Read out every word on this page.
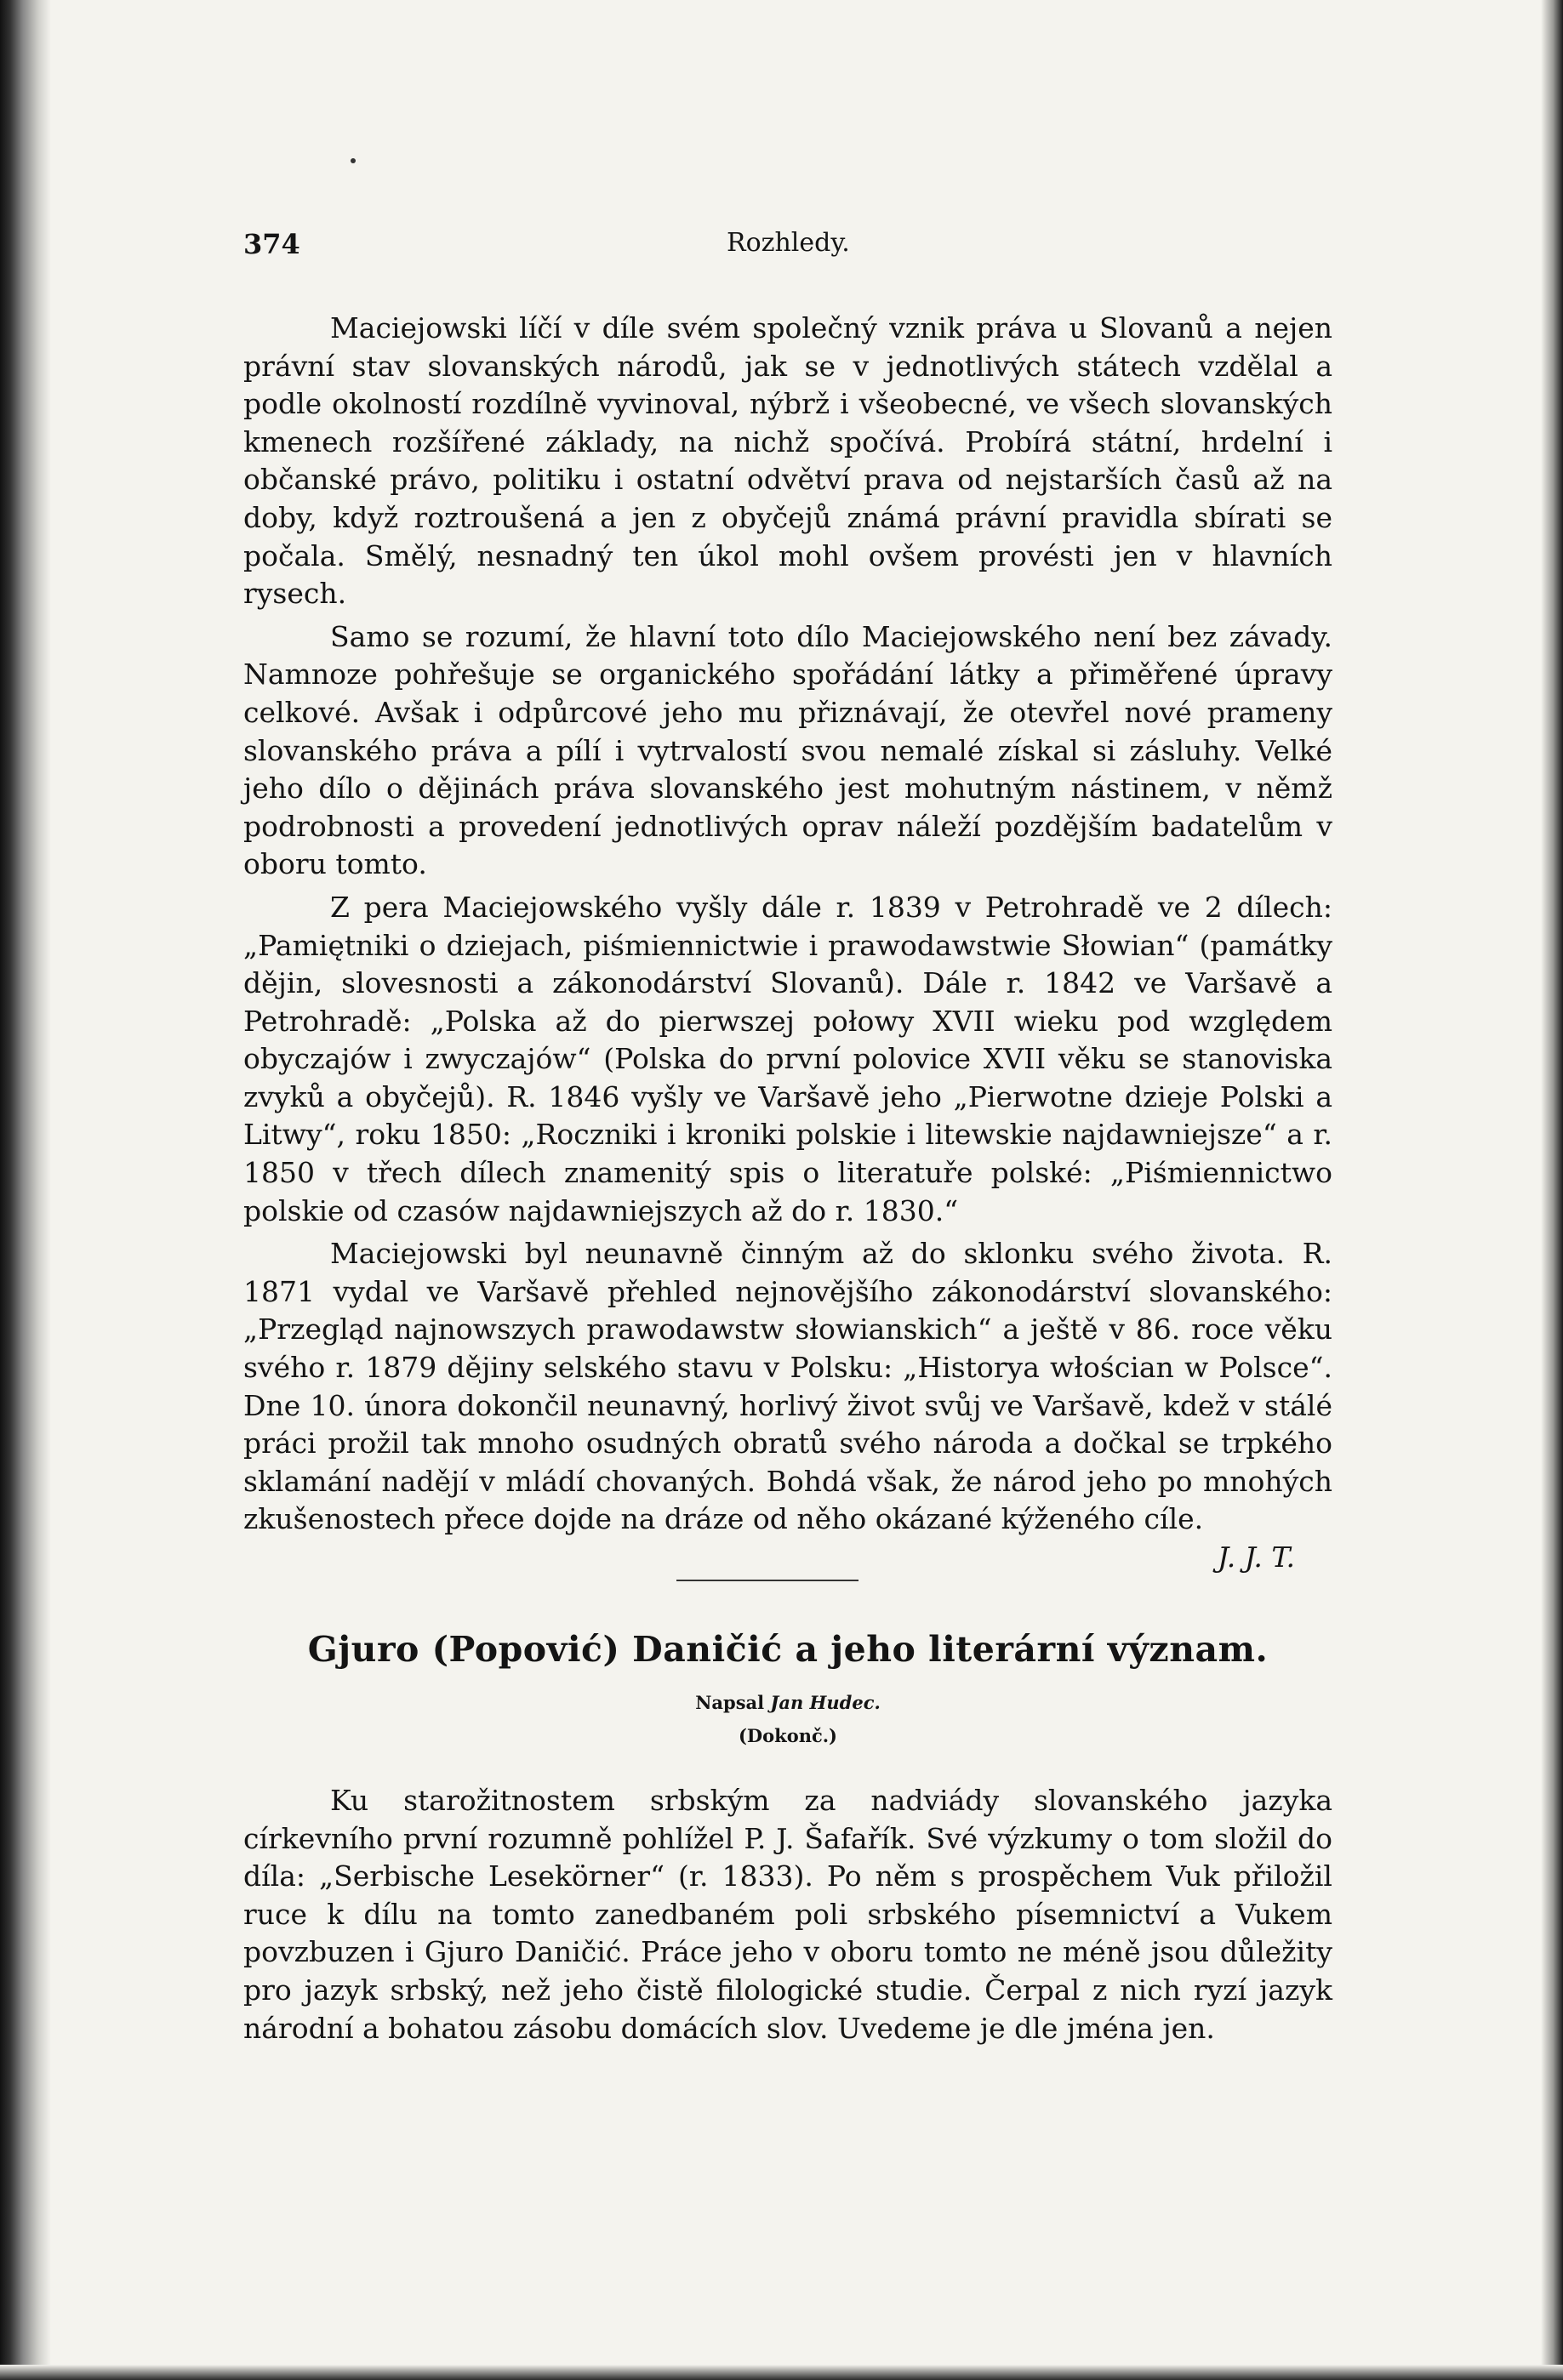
374	Rozhledy.

Maciejowski líčí v díle svém společný vznik práva u Slovanů a nejen právní stav slovanských národů, jak se v jednotlivých státech vzdělal a podle okolností rozdílně vyvinoval, nýbrž i všeobecné, ve všech slovanských kmenech rozšířené základy, na nichž spočívá. Probírá státní, hrdelní i občanské právo, politiku i ostatní odvětví prava od nejstarších časů až na doby, když roztroušená a jen z obyčejů známá právní pravidla sbírati se počala. Smělý, nesnadný ten úkol mohl ovšem provésti jen v hlavních rysech.

Samo se rozumí, že hlavní toto dílo Maciejowského není bez závady. Namnoze pohřešuje se organického spořádání látky a přiměřené úpravy celkové. Avšak i odpůrcové jeho mu přiznávají, že otevřel nové prameny slovanského práva a pílí i vytrvalostí svou nemalé získal si zásluhy. Velké jeho dílo o dějinách práva slovanského jest mohutným nástinem, v němž podrobnosti a provedení jednotlivých oprav náleží pozdějším badatelům v oboru tomto.

Z pera Maciejowského vyšly dále r. 1839 v Petrohradě ve 2 dílech: „Pamiętniki o dziejach, piśmiennictwie i prawodawstwie Słowian“ (památky dějin, slovesnosti a zákonodárství Slovanů). Dále r. 1842 ve Varšavě a Petrohradě: „Polska až do pierwszej połowy XVII wieku pod względem obyczajów i zwyczajów“ (Polska do první polovice XVII věku se stanoviska zvyků a obyčejů). R. 1846 vyšly ve Varšavě jeho „Pierwotne dzieje Polski a Litwy“, roku 1850: „Roczniki i kroniki polskie i litewskie najdawniejsze“ a r. 1850 v třech dílech znamenitý spis o literatuře polské: „Piśmiennictwo polskie od czasów najdawniejszych až do r. 1830.“

Maciejowski byl neunavně činným až do sklonku svého života. R. 1871 vydal ve Varšavě přehled nejnovějšího zákonodárství slovanského: „Przegląd najnowszych prawodawstw słowianskich“ a ještě v 86. roce věku svého r. 1879 dějiny selského stavu v Polsku: „Historya włościan w Polsce“. Dne 10. února dokončil neunavný, horlivý život svůj ve Varšavě, kdež v stálé práci prožil tak mnoho osudných obratů svého národa a dočkal se trpkého sklamání nadějí v mládí chovaných. Bohdá však, že národ jeho po mnohých zkušenostech přece dojde na dráze od něho okázané kýženého cíle.
J. J. T.

Gjuro (Popović) Daničić a jeho literární význam.
Napsal Jan Hudec.
(Dokonč.)

Ku starožitnostem srbským za nadviády slovanského jazyka církevního první rozumně pohlížel P. J. Šafařík. Své výzkumy o tom složil do díla: „Serbische Lesekörner“ (r. 1833). Po něm s prospěchem Vuk přiložil ruce k dílu na tomto zanedbaném poli srbského písemnictví a Vukem povzbuzen i Gjuro Daničić. Práce jeho v oboru tomto ne méně jsou důležity pro jazyk srbský, než jeho čistě filologické studie. Čerpal z nich ryzí jazyk národní a bohatou zásobu domácích slov. Uvedeme je dle jména jen.
